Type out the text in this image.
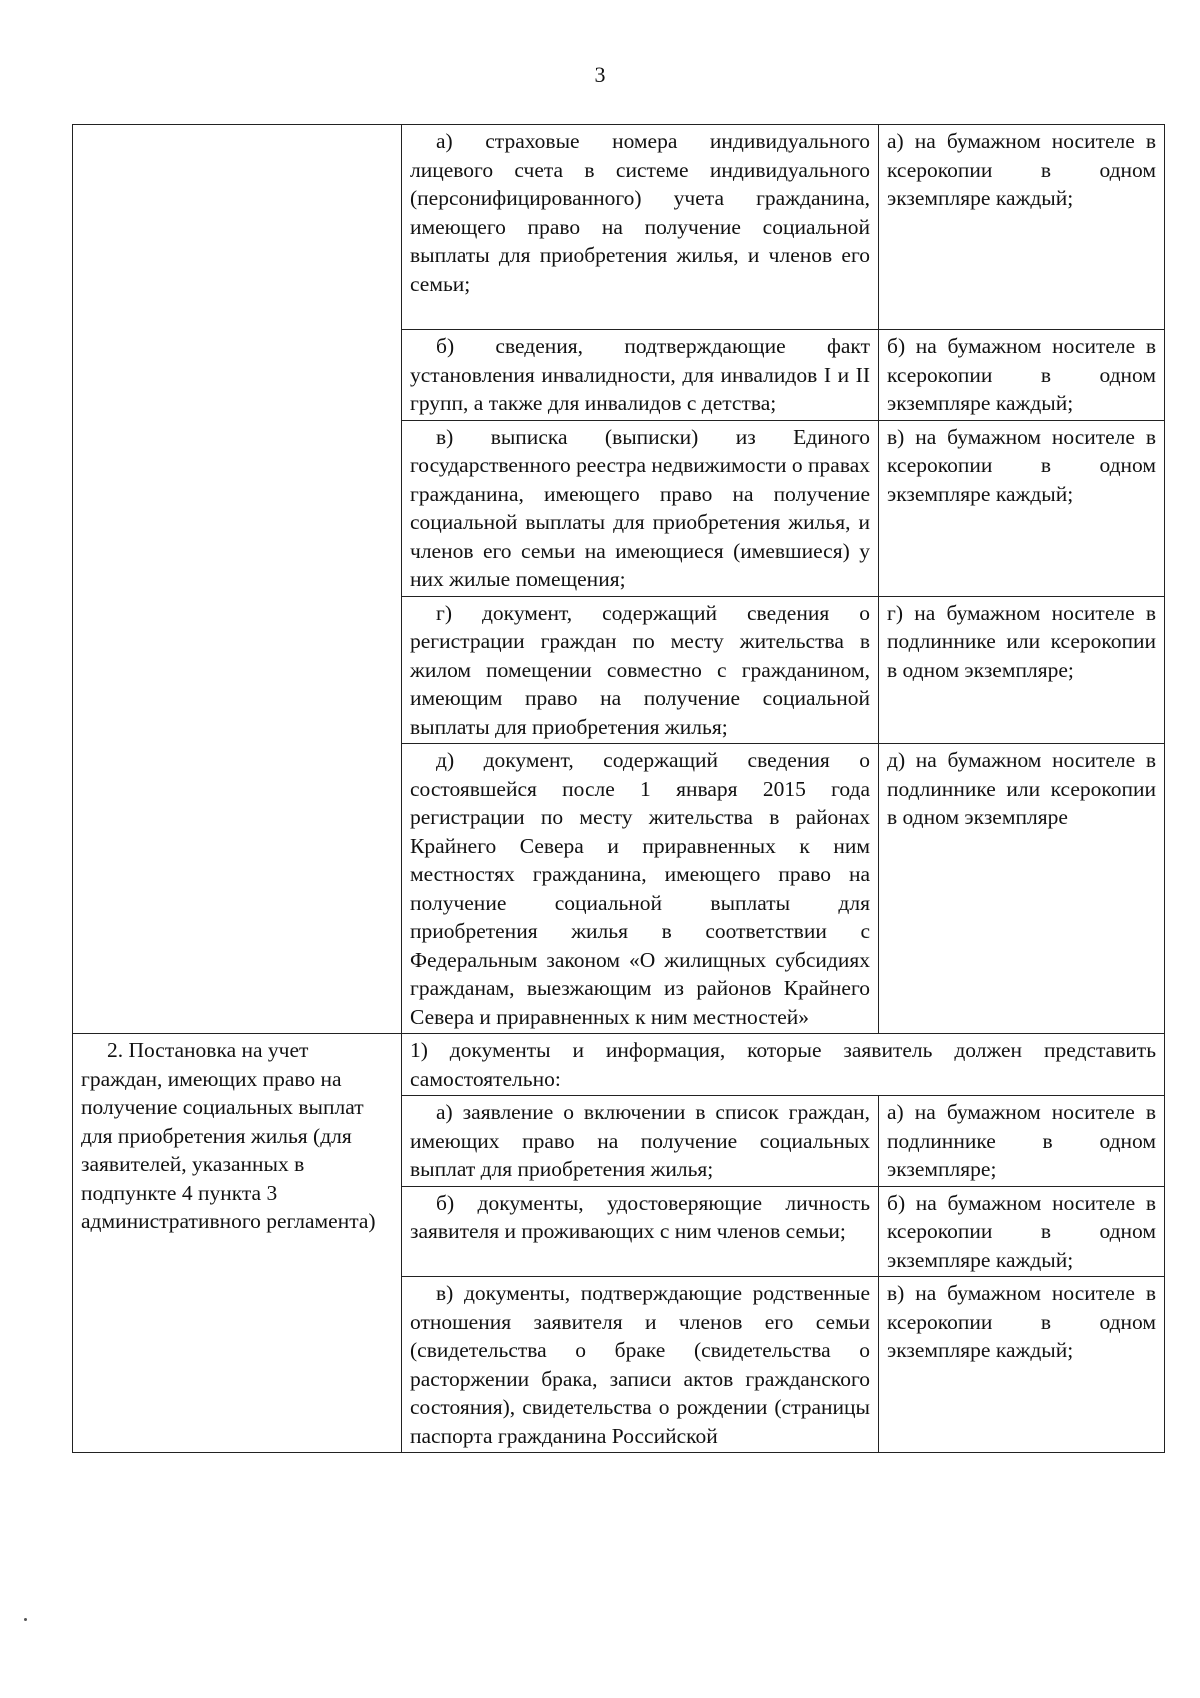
3

	а) страховые номера индивидуального лицевого счета в системе индивидуального (персонифицированного) учета гражданина, имеющего право на получение социальной выплаты для приобретения жилья, и членов его семьи;	а) на бумажном носителе в ксерокопии в одном экземпляре каждый;

	б) сведения, подтверждающие факт установления инвалидности, для инвалидов I и II групп, а также для инвалидов с детства;	б) на бумажном носителе в ксерокопии в одном экземпляре каждый;

	в) выписка (выписки) из Единого государственного реестра недвижимости о правах гражданина, имеющего право на получение социальной выплаты для приобретения жилья, и членов его семьи на имеющиеся (имевшиеся) у них жилые помещения;	в) на бумажном носителе в ксерокопии в одном экземпляре каждый;

	г) документ, содержащий сведения о регистрации граждан по месту жительства в жилом помещении совместно с гражданином, имеющим право на получение социальной выплаты для приобретения жилья;	г) на бумажном носителе в подлиннике или ксерокопии в одном экземпляре;

	д) документ, содержащий сведения о состоявшейся после 1 января 2015 года регистрации по месту жительства в районах Крайнего Севера и приравненных к ним местностях гражданина, имеющего право на получение социальной выплаты для приобретения жилья в соответствии с Федеральным законом «О жилищных субсидиях гражданам, выезжающим из районов Крайнего Севера и приравненных к ним местностей»	д) на бумажном носителе в подлиннике или ксерокопии в одном экземпляре

2. Постановка на учет граждан, имеющих право на получение социальных выплат для приобретения жилья (для заявителей, указанных в подпункте 4 пункта 3 административного регламента)	1) документы и информация, которые заявитель должен представить самостоятельно:	

	а) заявление о включении в список граждан, имеющих право на получение социальных выплат для приобретения жилья;	а) на бумажном носителе в подлиннике в одном экземпляре;

	б) документы, удостоверяющие личность заявителя и проживающих с ним членов семьи;	б) на бумажном носителе в ксерокопии в одном экземпляре каждый;

	в) документы, подтверждающие родственные отношения заявителя и членов его семьи (свидетельства о браке (свидетельства о расторжении брака, записи актов гражданского состояния), свидетельства о рождении (страницы паспорта гражданина Российской	в) на бумажном носителе в ксерокопии в одном экземпляре каждый;
